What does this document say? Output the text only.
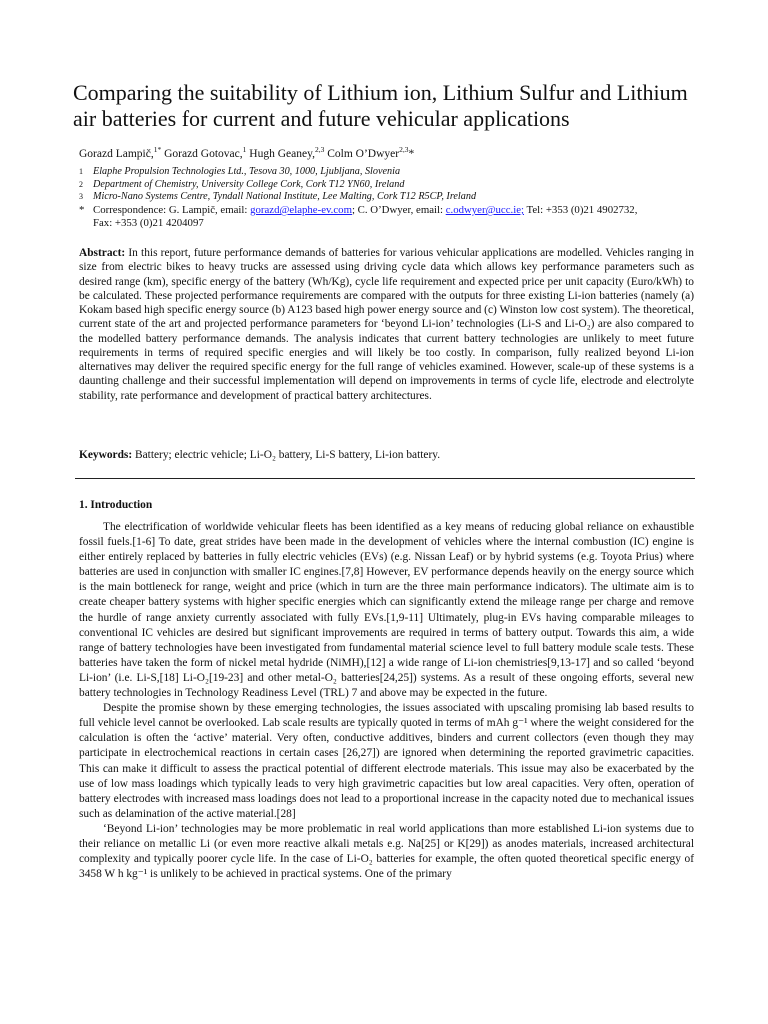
Comparing the suitability of Lithium ion, Lithium Sulfur and Lithium air batteries for current and future vehicular applications
Gorazd Lampič,$^{1*}$ Gorazd Gotovac,$^1$ Hugh Geaney,$^{2,3}$ Colm O’Dwyer$^{2,3}$*
1 Elaphe Propulsion Technologies Ltd., Tesova 30, 1000, Ljubljana, Slovenia
2 Department of Chemistry, University College Cork, Cork T12 YN60, Ireland
3 Micro-Nano Systems Centre, Tyndall National Institute, Lee Malting, Cork T12 R5CP, Ireland
* Correspondence: G. Lampič, email: gorazd@elaphe-ev.com; C. O’Dwyer, email: c.odwyer@ucc.ie; Tel: +353 (0)21 4902732,
Fax: +353 (0)21 4204097
Abstract: In this report, future performance demands of batteries for various vehicular applications are modelled. Vehicles ranging in size from electric bikes to heavy trucks are assessed using driving cycle data which allows key performance parameters such as desired range (km), specific energy of the battery (Wh/Kg), cycle life requirement and expected price per unit capacity (Euro/kWh) to be calculated. These projected performance requirements are compared with the outputs for three existing Li-ion batteries (namely (a) Kokam based high specific energy source (b) A123 based high power energy source and (c) Winston low cost system). The theoretical, current state of the art and projected performance parameters for ‘beyond Li-ion’ technologies (Li-S and Li-O₂) are also compared to the modelled battery performance demands. The analysis indicates that current battery technologies are unlikely to meet future requirements in terms of required specific energies and will likely be too costly. In comparison, fully realized beyond Li-ion alternatives may deliver the required specific energy for the full range of vehicles examined. However, scale-up of these systems is a daunting challenge and their successful implementation will depend on improvements in terms of cycle life, electrode and electrolyte stability, rate performance and development of practical battery architectures.
Keywords: Battery; electric vehicle; Li-O₂ battery, Li-S battery, Li-ion battery.
1. Introduction

The electrification of worldwide vehicular fleets has been identified as a key means of reducing global reliance on exhaustible fossil fuels.[1-6] To date, great strides have been made in the development of vehicles where the internal combustion (IC) engine is either entirely replaced by batteries in fully electric vehicles (EVs) (e.g. Nissan Leaf) or by hybrid systems (e.g. Toyota Prius) where batteries are used in conjunction with smaller IC engines.[7,8] However, EV performance depends heavily on the energy source which is the main bottleneck for range, weight and price (which in turn are the three main performance indicators). The ultimate aim is to create cheaper battery systems with higher specific energies which can significantly extend the mileage range per charge and remove the hurdle of range anxiety currently associated with fully EVs.[1,9-11] Ultimately, plug-in EVs having comparable mileages to conventional IC vehicles are desired but significant improvements are required in terms of battery output. Towards this aim, a wide range of battery technologies have been investigated from fundamental material science level to full battery module scale tests. These batteries have taken the form of nickel metal hydride (NiMH),[12] a wide range of Li-ion chemistries[9,13-17] and so called ‘beyond Li-ion’ (i.e. Li-S,[18] Li-O₂[19-23] and other metal-O₂ batteries[24,25]) systems. As a result of these ongoing efforts, several new battery technologies in Technology Readiness Level (TRL) 7 and above may be expected in the future.

Despite the promise shown by these emerging technologies, the issues associated with upscaling promising lab based results to full vehicle level cannot be overlooked. Lab scale results are typically quoted in terms of mAh g⁻¹ where the weight considered for the calculation is often the ‘active’ material. Very often, conductive additives, binders and current collectors (even though they may participate in electrochemical reactions in certain cases [26,27]) are ignored when determining the reported gravimetric capacities. This can make it difficult to assess the practical potential of different electrode materials. This issue may also be exacerbated by the use of low mass loadings which typically leads to very high gravimetric capacities but low areal capacities. Very often, operation of battery electrodes with increased mass loadings does not lead to a proportional increase in the capacity noted due to mechanical issues such as delamination of the active material.[28]

‘Beyond Li-ion’ technologies may be more problematic in real world applications than more established Li-ion systems due to their reliance on metallic Li (or even more reactive alkali metals e.g. Na[25] or K[29]) as anodes materials, increased architectural complexity and typically poorer cycle life. In the case of Li-O₂ batteries for example, the often quoted theoretical specific energy of 3458 W h kg⁻¹ is unlikely to be achieved in practical systems. One of the primary
